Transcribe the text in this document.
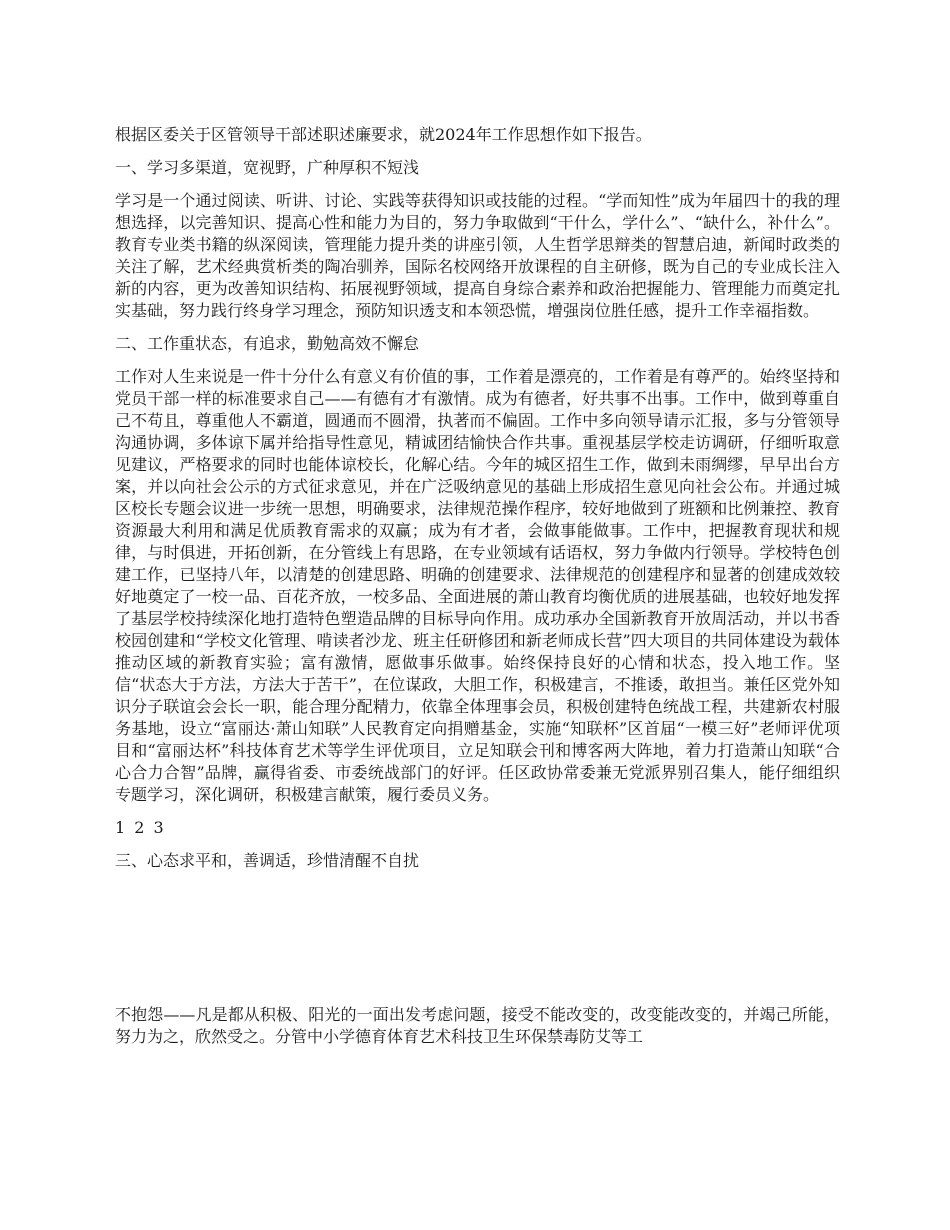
根据区委关于区管领导干部述职述廉要求，就2024年工作思想作如下报告。

一、学习多渠道，宽视野，广种厚积不短浅

学习是一个通过阅读、听讲、讨论、实践等获得知识或技能的过程。“学而知性”成为年届四十的我的理想选择，以完善知识、提高心性和能力为目的，努力争取做到“干什么，学什么”、“缺什么，补什么”。教育专业类书籍的纵深阅读，管理能力提升类的讲座引领，人生哲学思辩类的智慧启迪，新闻时政类的关注了解，艺术经典赏析类的陶冶驯养，国际名校网络开放课程的自主研修，既为自己的专业成长注入新的内容，更为改善知识结构、拓展视野领域，提高自身综合素养和政治把握能力、管理能力而奠定扎实基础，努力践行终身学习理念，预防知识透支和本领恐慌，增强岗位胜任感，提升工作幸福指数。

二、工作重状态，有追求，勤勉高效不懈怠

工作对人生来说是一件十分什么有意义有价值的事，工作着是漂亮的，工作着是有尊严的。始终坚持和党员干部一样的标准要求自己——有德有才有激情。成为有德者，好共事不出事。工作中，做到尊重自己不苟且，尊重他人不霸道，圆通而不圆滑，执著而不偏固。工作中多向领导请示汇报，多与分管领导沟通协调，多体谅下属并给指导性意见，精诚团结愉快合作共事。重视基层学校走访调研，仔细听取意见建议，严格要求的同时也能体谅校长，化解心结。今年的城区招生工作，做到未雨绸缪，早早出台方案，并以向社会公示的方式征求意见，并在广泛吸纳意见的基础上形成招生意见向社会公布。并通过城区校长专题会议进一步统一思想，明确要求，法律规范操作程序，较好地做到了班额和比例兼控、教育资源最大利用和满足优质教育需求的双赢；成为有才者，会做事能做事。工作中，把握教育现状和规律，与时俱进，开拓创新，在分管线上有思路，在专业领域有话语权，努力争做内行领导。学校特色创建工作，已坚持八年，以清楚的创建思路、明确的创建要求、法律规范的创建程序和显著的创建成效较好地奠定了一校一品、百花齐放，一校多品、全面进展的萧山教育均衡优质的进展基础，也较好地发挥了基层学校持续深化地打造特色塑造品牌的目标导向作用。成功承办全国新教育开放周活动，并以书香校园创建和“学校文化管理、啃读者沙龙、班主任研修团和新老师成长营”四大项目的共同体建设为载体推动区域的新教育实验；富有激情，愿做事乐做事。始终保持良好的心情和状态，投入地工作。坚信“状态大于方法，方法大于苦干”，在位谋政，大胆工作，积极建言，不推诿，敢担当。兼任区党外知识分子联谊会会长一职，能合理分配精力，依靠全体理事会员，积极创建特色统战工程，共建新农村服务基地，设立“富丽达·萧山知联”人民教育定向捐赠基金，实施“知联杯”区首届“一模三好”老师评优项目和“富丽达杯”科技体育艺术等学生评优项目，立足知联会刊和博客两大阵地，着力打造萧山知联“合心合力合智”品牌，赢得省委、市委统战部门的好评。任区政协常委兼无党派界别召集人，能仔细组织专题学习，深化调研，积极建言献策，履行委员义务。

1 2 3

三、心态求平和，善调适，珍惜清醒不自扰

不抱怨——凡是都从积极、阳光的一面出发考虑问题，接受不能改变的，改变能改变的，并竭己所能，努力为之，欣然受之。分管中小学德育体育艺术科技卫生环保禁毒防艾等工
